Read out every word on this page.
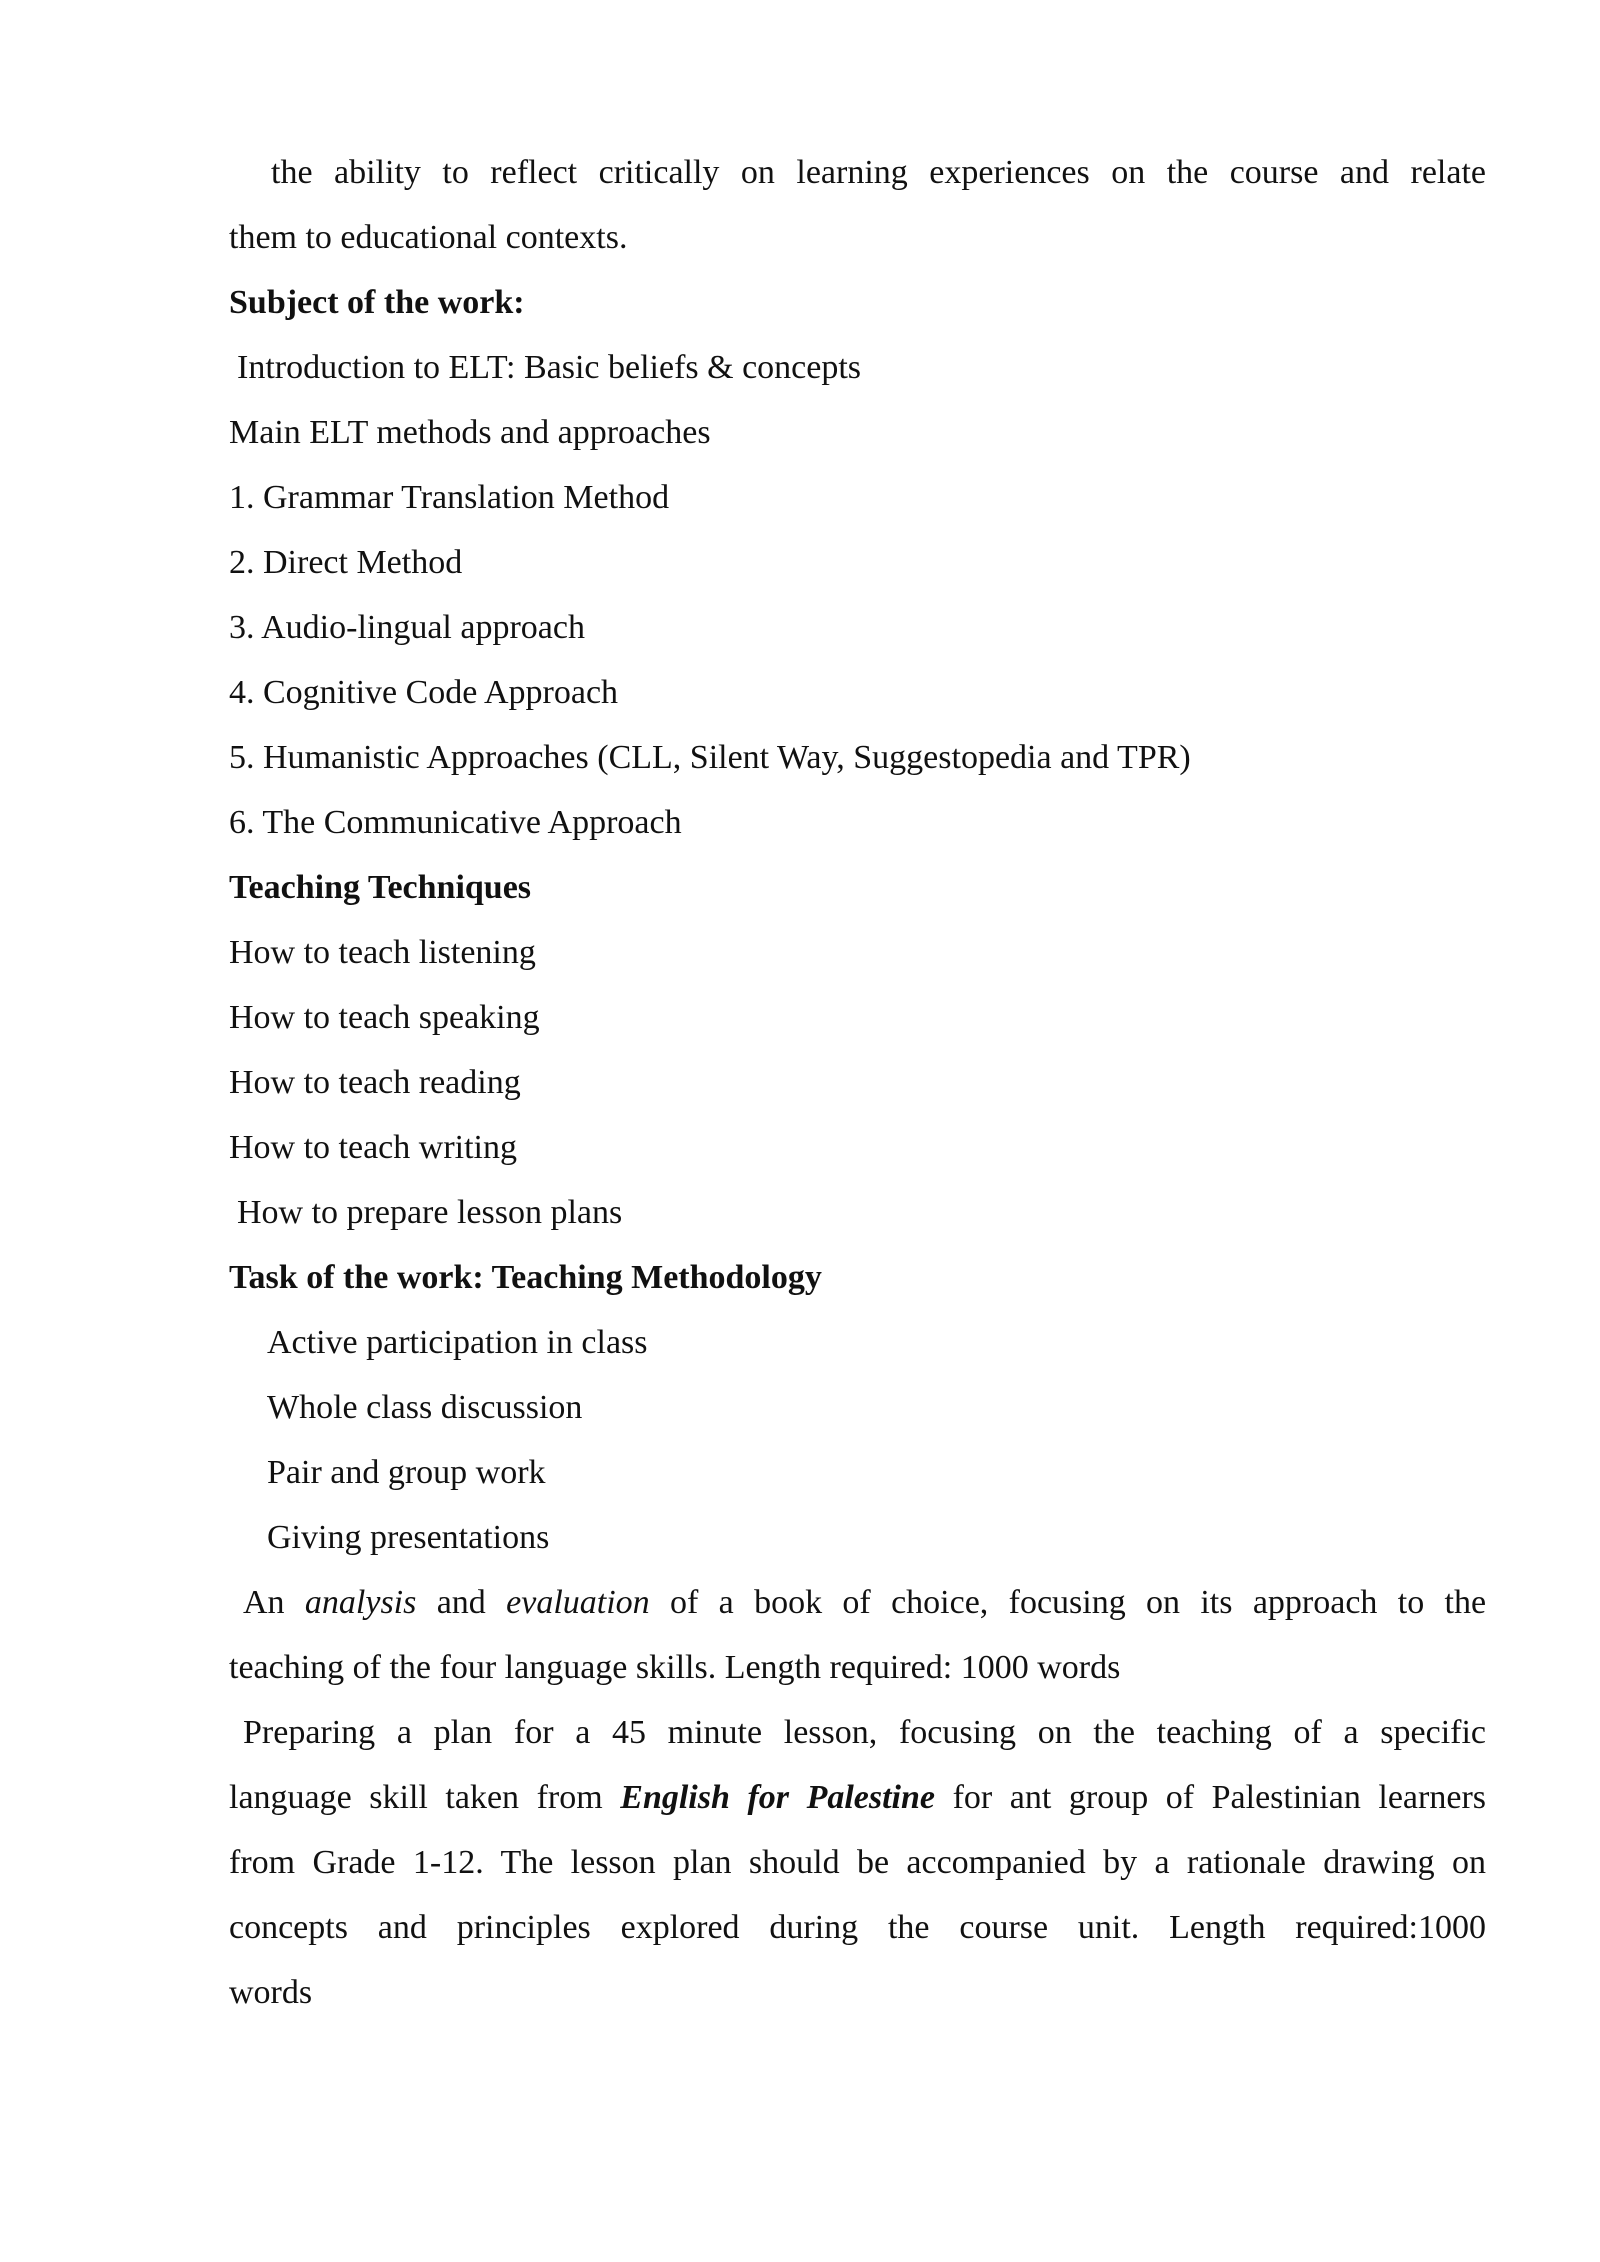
the ability to reflect critically on learning experiences on the course and relate
them to educational contexts.
Subject of the work:
Introduction to ELT: Basic beliefs & concepts
Main ELT methods and approaches
1. Grammar Translation Method
2. Direct Method
3. Audio-lingual approach
4. Cognitive Code Approach
5. Humanistic Approaches (CLL, Silent Way, Suggestopedia and TPR)
6. The Communicative Approach
Teaching Techniques
How to teach listening
How to teach speaking
How to teach reading
How to teach writing
How to prepare lesson plans
Task of the work: Teaching Methodology
Active participation in class
Whole class discussion
Pair and group work
Giving presentations
An analysis and evaluation of a book of choice, focusing on its approach to the
teaching of the four language skills. Length required: 1000 words
Preparing a plan for a 45 minute lesson, focusing on the teaching of a specific
language skill taken from English for Palestine for ant group of Palestinian learners
from Grade 1-12. The lesson plan should be accompanied by a rationale drawing on
concepts and principles explored during the course unit. Length required:1000
words
